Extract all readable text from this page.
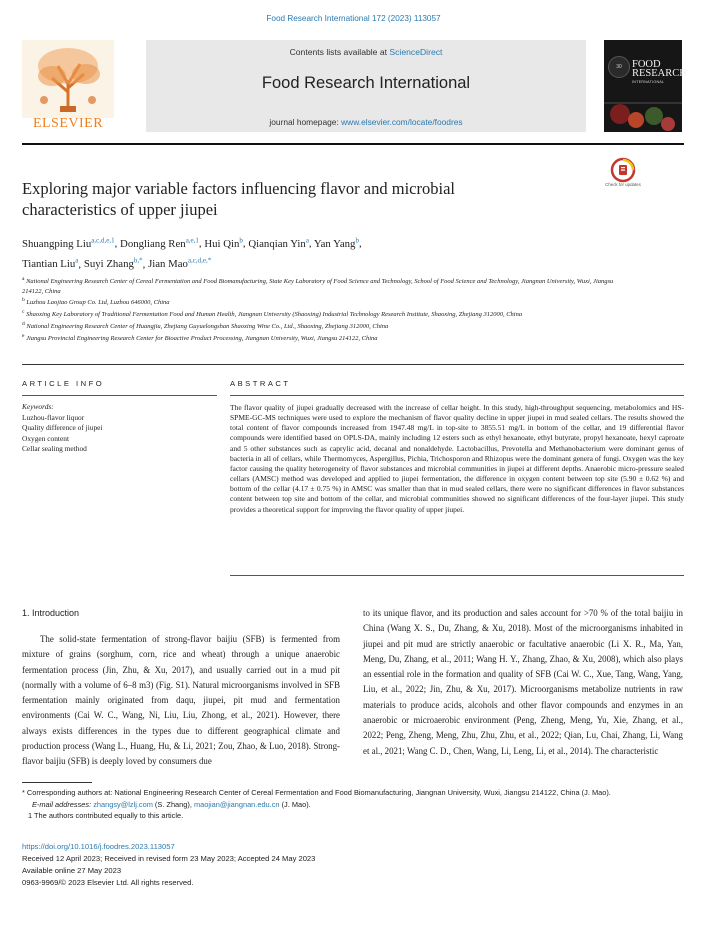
Food Research International 172 (2023) 113057
ELSEVIER
Contents lists available at ScienceDirect
Food Research International
journal homepage: www.elsevier.com/locate/foodres
30 FOOD RESEARCH
INTERNATIONAL
Check for updates
Exploring major variable factors influencing flavor and microbial
characteristics of upper jiupei
Shuangping Liu$^{a,c,d,e,1}$, Dongliang Ren$^{a,e,1}$, Hui Qin$^b$, Qianqian Yin$^a$, Yan Yang$^b$,
Tiantian Liu$^a$, Suyi Zhang$^{b,*}$, Jian Mao$^{a,c,d,e,*}$

$^a$ National Engineering Research Center of Cereal Fermentation and Food Biomanufacturing, State Key Laboratory of Food Science and Technology, School of Food Science and Technology, Jiangnan University, Wuxi, Jiangsu 214122, China

$^b$ Luzhou Laojiao Group Co. Ltd, Luzhou 646000, China

$^c$ Shaoxing Key Laboratory of Traditional Fermentation Food and Human Health, Jiangnan University (Shaoxing) Industrial Technology Research Institute, Shaoxing, Zhejiang 312000, China

$^d$ National Engineering Research Center of Huangjiu, Zhejiang Guyuelongshan Shaoxing Wine Co., Ltd., Shaoxing, Zhejiang 312000, China

$^e$ Jiangsu Provincial Engineering Research Center for Bioactive Product Processing, Jiangnan University, Wuxi, Jiangsu 214122, China

ARTICLE INFO	ABSTRACT
Keywords:
Luzhou-flavor liquor
Quality difference of jiupei
Oxygen content
Cellar sealing method

The flavor quality of jiupei gradually decreased with the increase of cellar height. In this study, high-throughput sequencing, metabolomics and HS-SPME-GC-MS techniques were used to explore the mechanism of flavor quality decline in upper jiupei in mud sealed cellars. The results showed the total content of flavor compounds increased from 1947.48 mg/L in top-site to 3855.51 mg/L in bottom of the cellar, and 19 differential flavor compounds were identified based on OPLS-DA, mainly including 12 esters such as ethyl hexanoate, ethyl butyrate, propyl hexanoate, hexyl caproate and 5 other substances such as caprylic acid, decanal and nonaldehyde. Lactobacillus, Prevotella and Methanobacterium were dominant genus of bacteria in all of cellars, while Thermomyces, Aspergillus, Pichia, Trichosporon and Rhizopus were the dominant genera of fungi. Oxygen was the key factor causing the quality heterogeneity of flavor substances and microbial communities in jiupei at different depths. Anaerobic micro-pressure sealed cellars (AMSC) method was developed and applied to jiupei fermentation, the difference in oxygen content between top site (5.90 ± 0.62 %) and bottom of the cellar (4.17 ± 0.75 %) in AMSC was smaller than that in mud sealed cellars, there were no significant differences in flavor substances content between top site and bottom of the cellar, and microbial communities showed no significant differences of the four-layer jiupei. This study provides a theoretical support for improving the flavor quality of upper jiupei.

1. Introduction

The solid-state fermentation of strong-flavor baijiu (SFB) is fermented from mixture of grains (sorghum, corn, rice and wheat) through a unique anaerobic fermentation process (Jin, Zhu, & Xu, 2017), and usually carried out in a mud pit (normally with a volume of 6–8 m3) (Fig. S1). Natural microorganisms involved in SFB fermentation mainly originated from daqu, jiupei, pit mud and fermentation environments (Cai W. C., Wang, Ni, Liu, Liu, Zhong, et al., 2021). However, there always exists differences in the types due to different geographical climate and production process (Wang L., Huang, Hu, & Li, 2021; Zou, Zhao, & Luo, 2018). Strong-flavor baijiu (SFB) is deeply loved by consumers due

to its unique flavor, and its production and sales account for >70 % of the total baijiu in China (Wang X. S., Du, Zhang, & Xu, 2018). Most of the microorganisms inhabited in jiupei and pit mud are strictly anaerobic or facultative anaerobic (Li X. R., Ma, Yan, Meng, Du, Zhang, et al., 2011; Wang H. Y., Zhang, Zhao, & Xu, 2008), which also plays an essential role in the formation and quality of SFB (Cai W. C., Xue, Tang, Wang, Yang, Liu, et al., 2022; Jin, Zhu, & Xu, 2017). Microorganisms metabolize nutrients in raw materials to produce acids, alcohols and other flavor compounds and enzymes in an anaerobic or microaerobic environment (Peng, Zheng, Meng, Yu, Xie, Zhang, et al., 2022; Peng, Zheng, Meng, Zhu, Zhu, Zhu, et al., 2022; Qian, Lu, Chai, Zhang, Li, Wang et al., 2021; Wang C. D., Chen, Wang, Li, Leng, Li, et al., 2014). The characteristic

* Corresponding authors at: National Engineering Research Center of Cereal Fermentation and Food Biomanufacturing, Jiangnan University, Wuxi, Jiangsu 214122, China (J. Mao).

E-mail addresses: zhangsy@lzlj.com (S. Zhang), maojian@jiangnan.edu.cn (J. Mao).

1 The authors contributed equally to this article.

https://doi.org/10.1016/j.foodres.2023.113057
Received 12 April 2023; Received in revised form 23 May 2023; Accepted 24 May 2023
Available online 27 May 2023
0963-9969/© 2023 Elsevier Ltd. All rights reserved.
